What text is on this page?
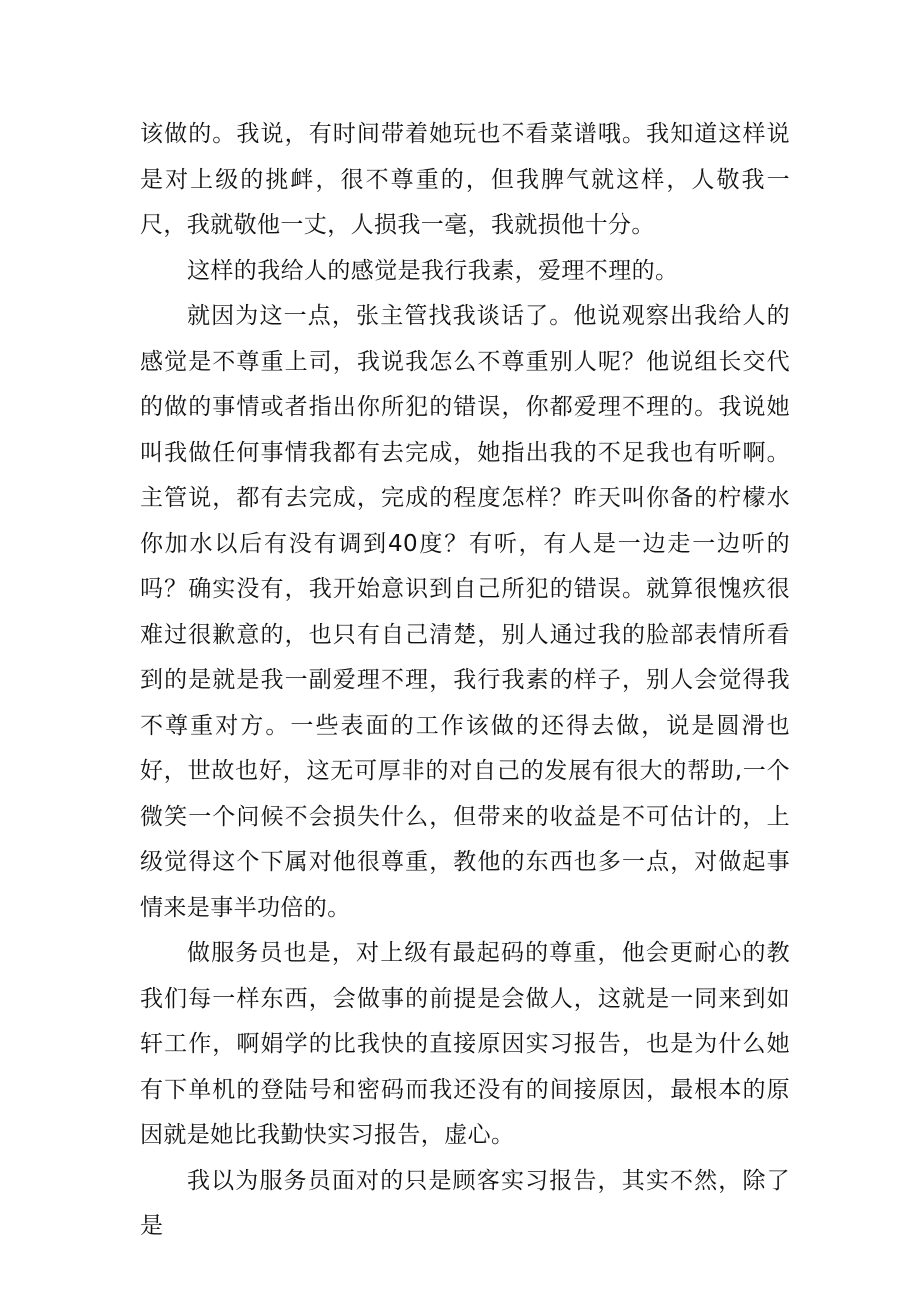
该做的。我说，有时间带着她玩也不看菜谱哦。我知道这样说是对上级的挑衅，很不尊重的，但我脾气就这样，人敬我一尺，我就敬他一丈，人损我一毫，我就损他十分。

这样的我给人的感觉是我行我素，爱理不理的。

就因为这一点，张主管找我谈话了。他说观察出我给人的感觉是不尊重上司，我说我怎么不尊重别人呢？他说组长交代的做的事情或者指出你所犯的错误，你都爱理不理的。我说她叫我做任何事情我都有去完成，她指出我的不足我也有听啊。主管说，都有去完成，完成的程度怎样？昨天叫你备的柠檬水你加水以后有没有调到40度？有听，有人是一边走一边听的吗？确实没有，我开始意识到自己所犯的错误。就算很愧疚很难过很歉意的，也只有自己清楚，别人通过我的脸部表情所看到的是就是我一副爱理不理，我行我素的样子，别人会觉得我不尊重对方。一些表面的工作该做的还得去做，说是圆滑也好，世故也好，这无可厚非的对自己的发展有很大的帮助,一个微笑一个问候不会损失什么，但带来的收益是不可估计的，上级觉得这个下属对他很尊重，教他的东西也多一点，对做起事情来是事半功倍的。

做服务员也是，对上级有最起码的尊重，他会更耐心的教我们每一样东西，会做事的前提是会做人，这就是一同来到如轩工作，啊娟学的比我快的直接原因实习报告，也是为什么她有下单机的登陆号和密码而我还没有的间接原因，最根本的原因就是她比我勤快实习报告，虚心。

我以为服务员面对的只是顾客实习报告，其实不然，除了是
